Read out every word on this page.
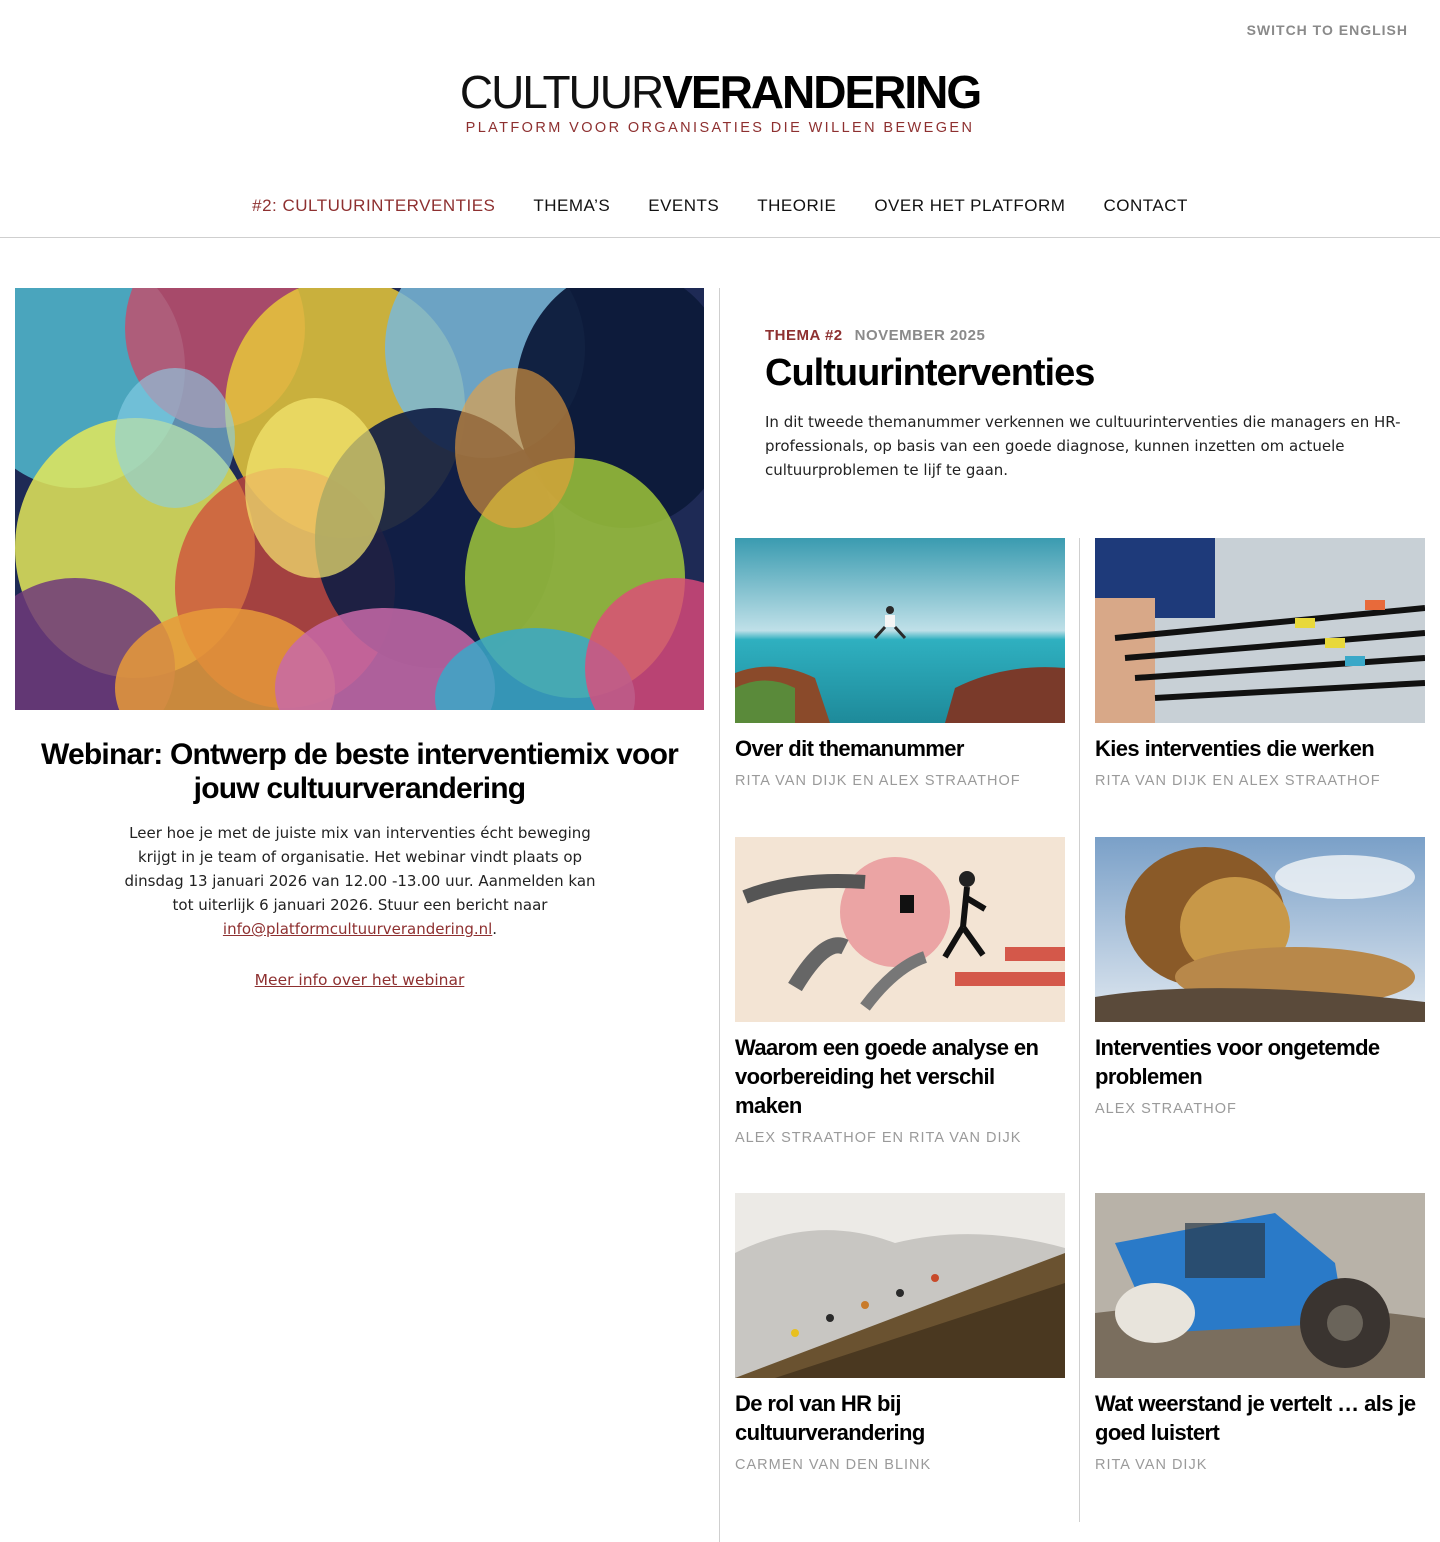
SWITCH TO ENGLISH
CULTUURVERANDERING
PLATFORM VOOR ORGANISATIES DIE WILLEN BEWEGEN
#2: CULTUURINTERVENTIES THEMA’S EVENTS THEORIE OVER HET PLATFORM CONTACT
Webinar: Ontwerp de beste interventiemix voor jouw cultuurverandering

Leer hoe je met de juiste mix van interventies écht beweging krijgt in je team of organisatie. Het webinar vindt plaats op dinsdag 13 januari 2026 van 12.00 -13.00 uur. Aanmelden kan tot uiterlijk 6 januari 2026. Stuur een bericht naar info@platformcultuurverandering.nl.

Meer info over het webinar
THEMA #2 NOVEMBER 2025
Cultuurinterventies

In dit tweede themanummer verkennen we cultuurinterventies die managers en HR-professionals, op basis van een goede diagnose, kunnen inzetten om actuele cultuurproblemen te lijf te gaan.

Over dit themanummer
RITA VAN DIJK EN ALEX STRAATHOF
Kies interventies die werken
RITA VAN DIJK EN ALEX STRAATHOF
Waarom een goede analyse en voorbereiding het verschil maken
ALEX STRAATHOF EN RITA VAN DIJK
Interventies voor ongetemde problemen
ALEX STRAATHOF
De rol van HR bij cultuurverandering
CARMEN VAN DEN BLINK
Wat weerstand je vertelt … als je goed luistert
RITA VAN DIJK
